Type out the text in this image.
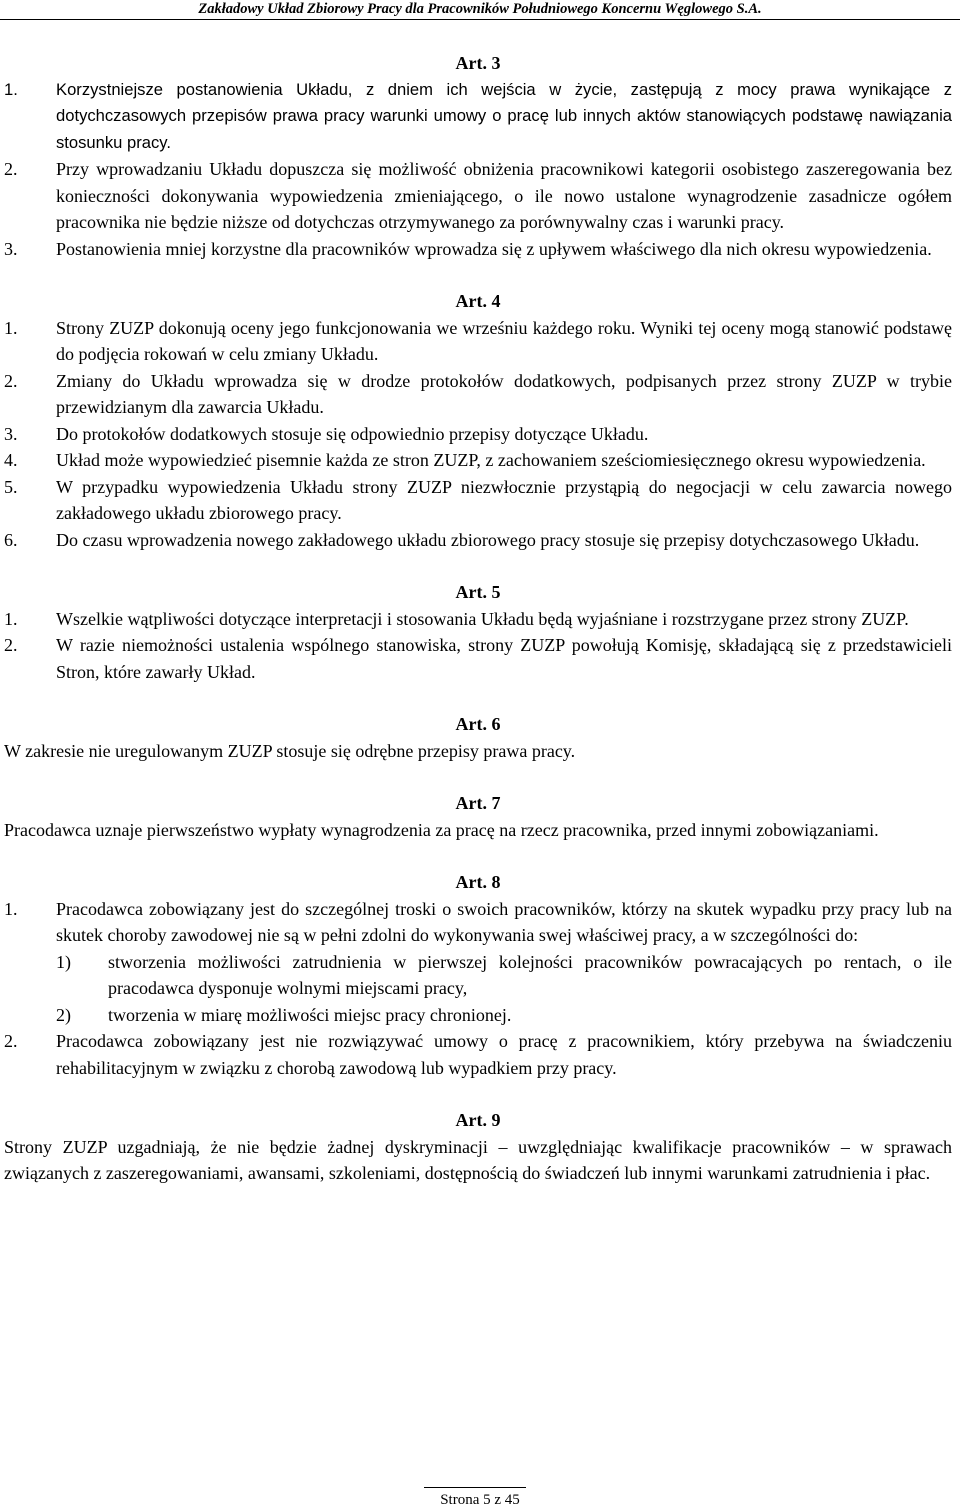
Zakładowy Układ Zbiorowy Pracy dla Pracowników Południowego Koncernu Węglowego S.A.
Art. 3
1. Korzystniejsze postanowienia Układu, z dniem ich wejścia w życie, zastępują z mocy prawa wynikające z dotychczasowych przepisów prawa pracy warunki umowy o pracę lub innych aktów stanowiących podstawę nawiązania stosunku pracy.
2. Przy wprowadzaniu Układu dopuszcza się możliwość obniżenia pracownikowi kategorii osobistego zaszeregowania bez konieczności dokonywania wypowiedzenia zmieniającego, o ile nowo ustalone wynagrodzenie zasadnicze ogółem pracownika nie będzie niższe od dotychczas otrzymywanego za porównywalny czas i warunki pracy.
3. Postanowienia mniej korzystne dla pracowników wprowadza się z upływem właściwego dla nich okresu wypowiedzenia.
Art. 4
1. Strony ZUZP dokonują oceny jego funkcjonowania we wrześniu każdego roku. Wyniki tej oceny mogą stanowić podstawę do podjęcia rokowań w celu zmiany Układu.
2. Zmiany do Układu wprowadza się w drodze protokołów dodatkowych, podpisanych przez strony ZUZP w trybie przewidzianym dla zawarcia Układu.
3. Do protokołów dodatkowych stosuje się odpowiednio przepisy dotyczące Układu.
4. Układ może wypowiedzieć pisemnie każda ze stron ZUZP, z zachowaniem sześciomiesięcznego okresu wypowiedzenia.
5. W przypadku wypowiedzenia Układu strony ZUZP niezwłocznie przystąpią do negocjacji w celu zawarcia nowego zakładowego układu zbiorowego pracy.
6. Do czasu wprowadzenia nowego zakładowego układu zbiorowego pracy stosuje się przepisy dotychczasowego Układu.
Art. 5
1. Wszelkie wątpliwości dotyczące interpretacji i stosowania Układu będą wyjaśniane i rozstrzygane przez strony ZUZP.
2. W razie niemożności ustalenia wspólnego stanowiska, strony ZUZP powołują Komisję, składającą się z przedstawicieli Stron, które zawarły Układ.
Art. 6
W zakresie nie uregulowanym ZUZP stosuje się odrębne przepisy prawa pracy.
Art. 7
Pracodawca uznaje pierwszeństwo wypłaty wynagrodzenia za pracę na rzecz pracownika, przed innymi zobowiązaniami.
Art. 8
1. Pracodawca zobowiązany jest do szczególnej troski o swoich pracowników, którzy na skutek wypadku przy pracy lub na skutek choroby zawodowej nie są w pełni zdolni do wykonywania swej właściwej pracy, a w szczególności do:
1) stworzenia możliwości zatrudnienia w pierwszej kolejności pracowników powracających po rentach, o ile pracodawca dysponuje wolnymi miejscami pracy,
2) tworzenia w miarę możliwości miejsc pracy chronionej.
2. Pracodawca zobowiązany jest nie rozwiązywać umowy o pracę z pracownikiem, który przebywa na świadczeniu rehabilitacyjnym w związku z chorobą zawodową lub wypadkiem przy pracy.
Art. 9
Strony ZUZP uzgadniają, że nie będzie żadnej dyskryminacji – uwzględniając kwalifikacje pracowników – w sprawach związanych z zaszeregowaniami, awansami, szkoleniami, dostępnością do świadczeń lub innymi warunkami zatrudnienia i płac.
Strona 5 z 45
